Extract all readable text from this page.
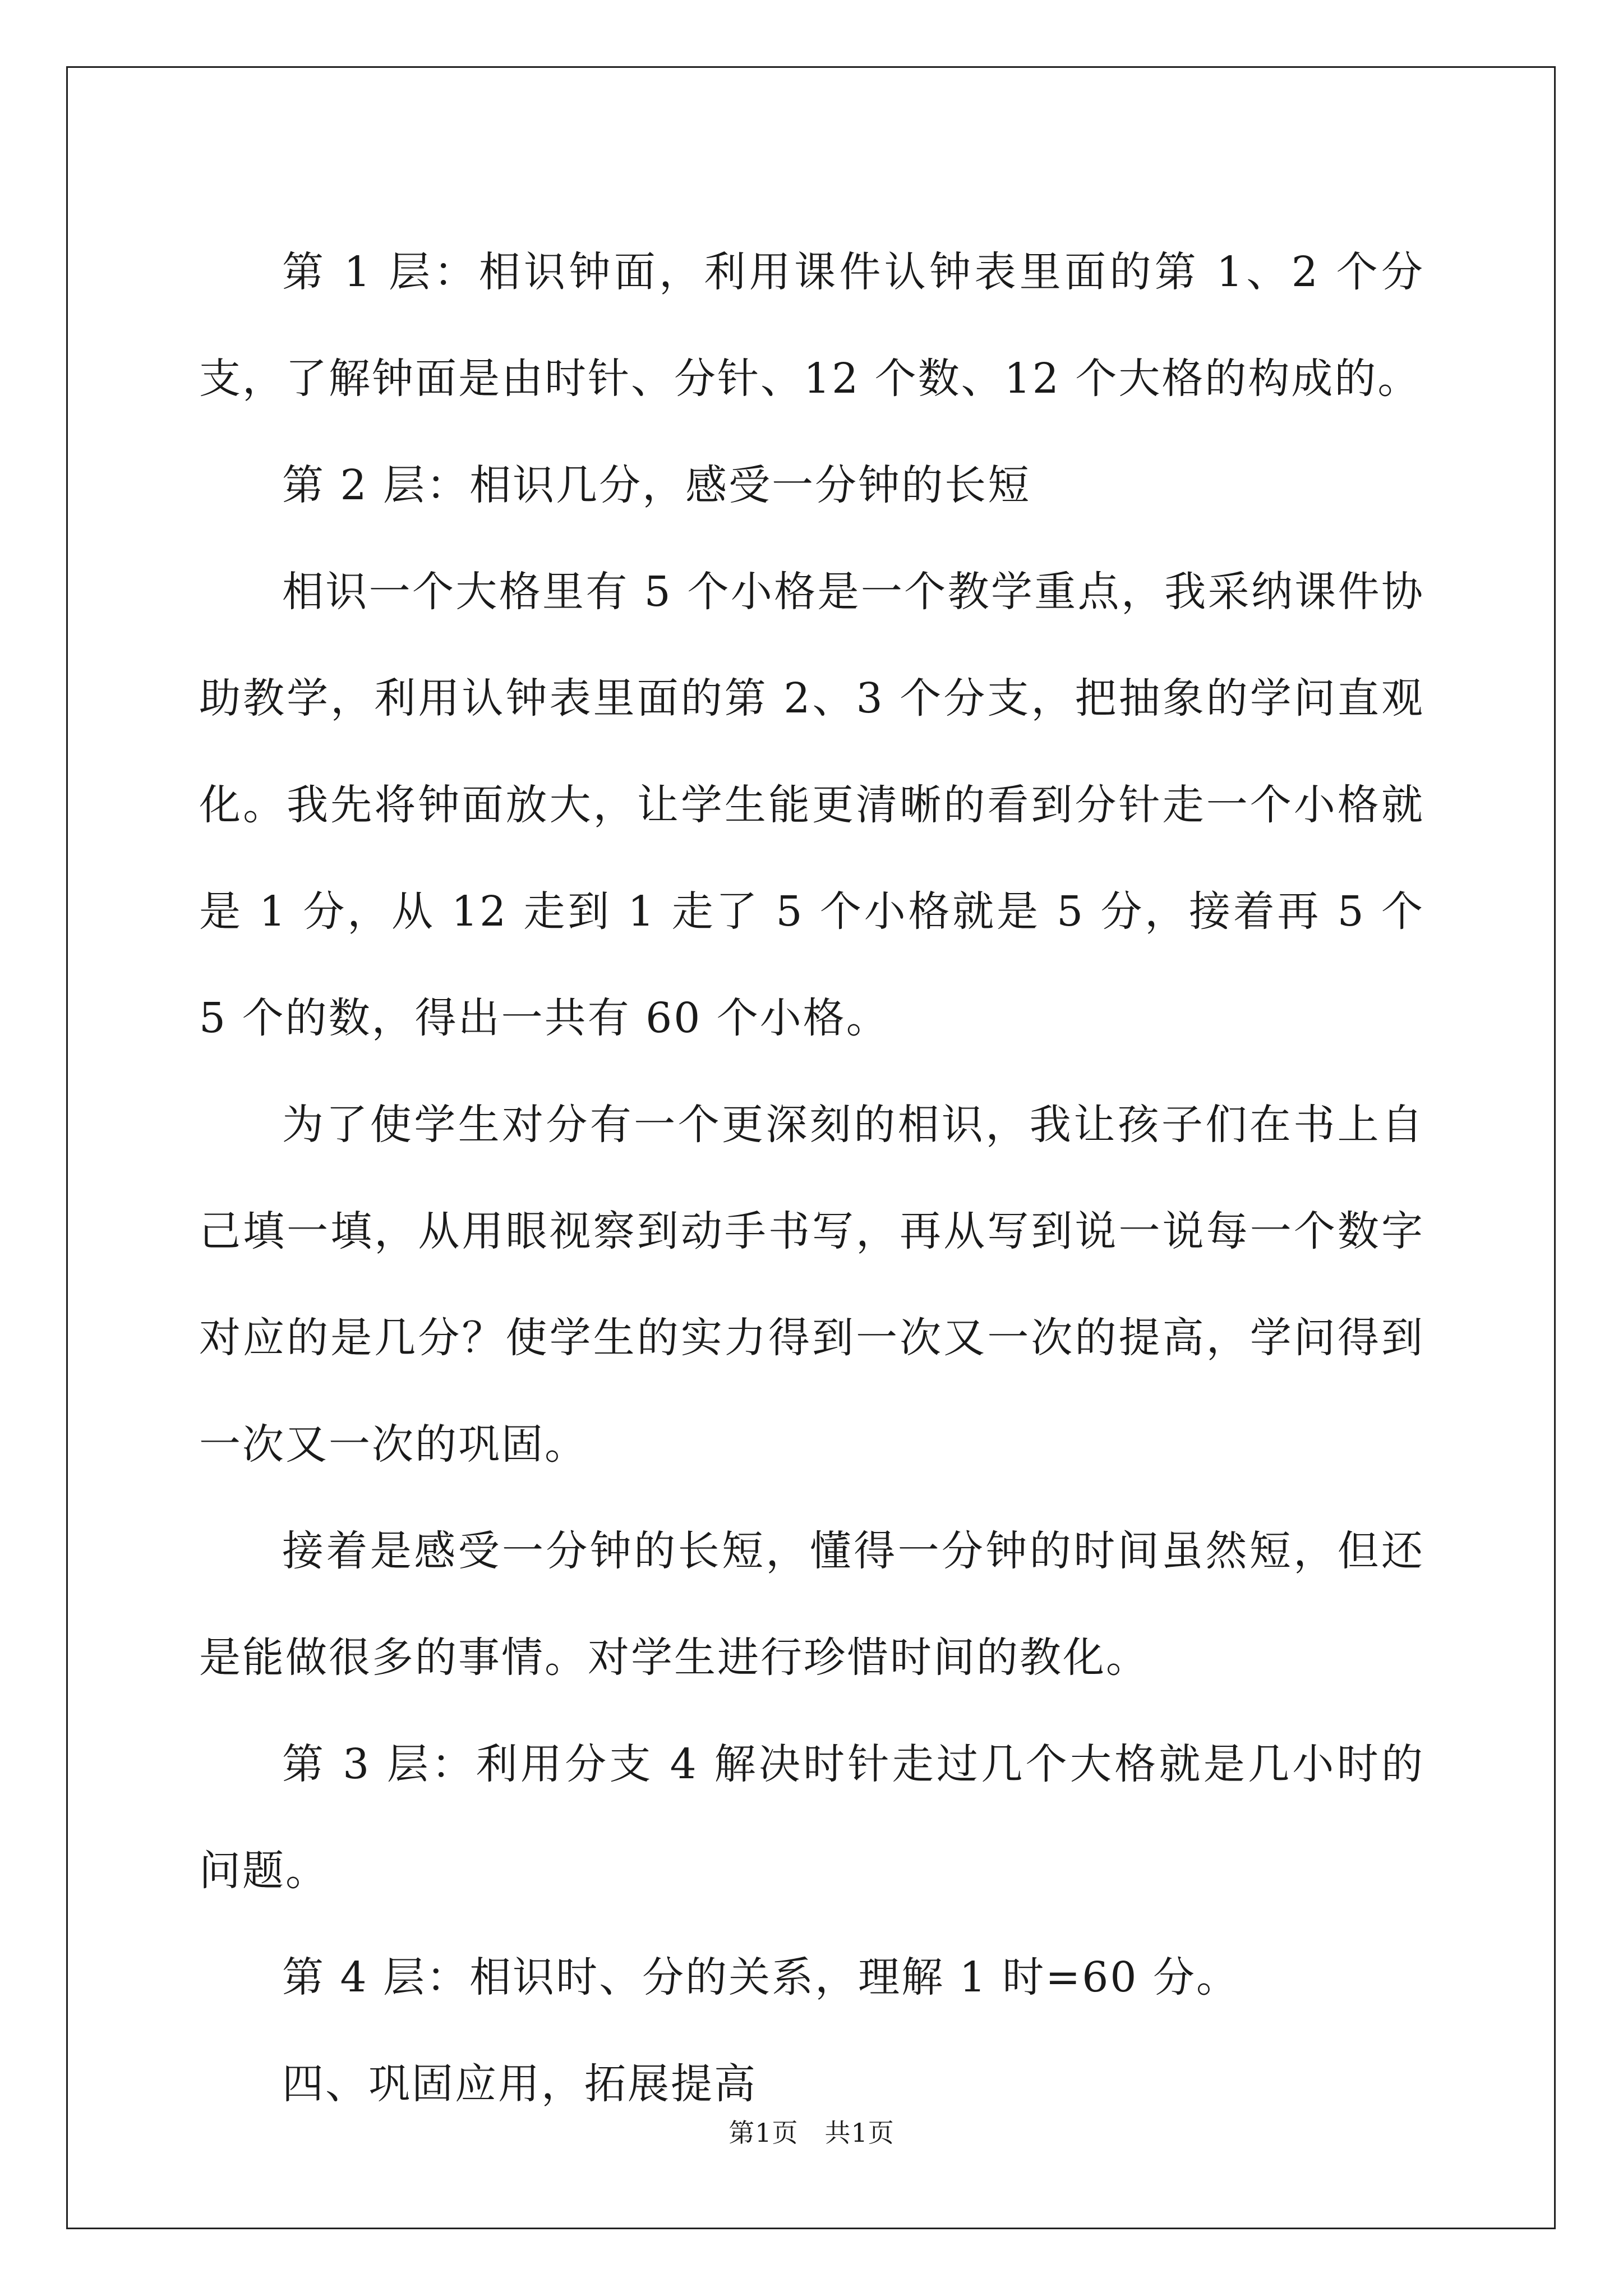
第 1 层：相识钟面，利用课件认钟表里面的第 1、2 个分支，了解钟面是由时针、分针、12 个数、12 个大格的构成的。

第 2 层：相识几分，感受一分钟的长短

相识一个大格里有 5 个小格是一个教学重点，我采纳课件协助教学，利用认钟表里面的第 2、3 个分支，把抽象的学问直观化。我先将钟面放大，让学生能更清晰的看到分针走一个小格就是 1 分，从 12 走到 1 走了 5 个小格就是 5 分，接着再 5 个 5 个的数，得出一共有 60 个小格。

为了使学生对分有一个更深刻的相识，我让孩子们在书上自己填一填，从用眼视察到动手书写，再从写到说一说每一个数字对应的是几分？使学生的实力得到一次又一次的提高，学问得到一次又一次的巩固。

接着是感受一分钟的长短，懂得一分钟的时间虽然短，但还是能做很多的事情。对学生进行珍惜时间的教化。

第 3 层：利用分支 4 解决时针走过几个大格就是几小时的问题。

第 4 层：相识时、分的关系，理解 1 时=60 分。

四、巩固应用，拓展提高

第1页　共1页
